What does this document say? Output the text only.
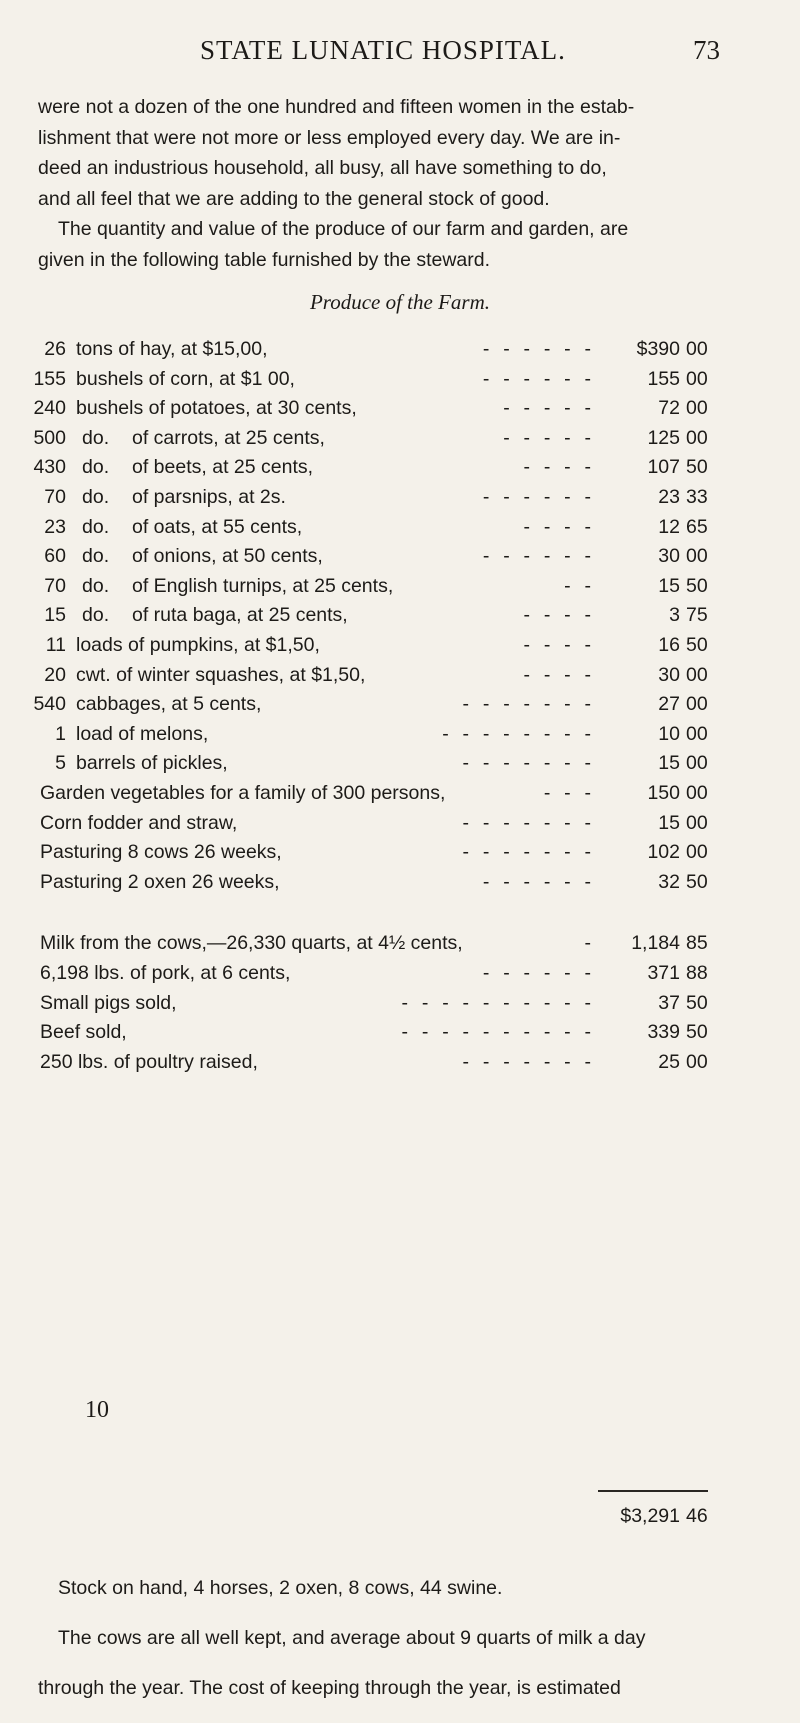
STATE LUNATIC HOSPITAL.	73

were not a dozen of the one hundred and fifteen women in the estab-

lishment that were not more or less employed every day. We are in-

deed an industrious household, all busy, all have something to do,

and all feel that we are adding to the general stock of good.

The quantity and value of the produce of our farm and garden, are

given in the following table furnished by the steward.

Produce of the Farm.
26 tons of hay, at $15,00,	-  -  -  -  -  -	$390 00
155 bushels of corn, at $1 00,	-  -  -  -  -  -	155 00
240 bushels of potatoes, at 30 cents,	-  -  -  -  -	72 00
500 do. of carrots, at 25 cents,	-  -  -  -  -	125 00
430 do. of beets, at 25 cents,	-  -  -  -	107 50
70 do. of parsnips, at 2s.	-  -  -  -  -  -	23 33
23 do. of oats, at 55 cents,	-  -  -  -	12 65
60 do. of onions, at 50 cents,	-  -  -  -  -  -	30 00
70 do. of English turnips, at 25 cents,	-  -	15 50
15 do. of ruta baga, at 25 cents,	-  -  -  -	3 75
11 loads of pumpkins, at $1,50,	-  -  -  -	16 50
20 cwt. of winter squashes, at $1,50,	-  -  -  -	30 00
540 cabbages, at 5 cents,	-  -  -  -  -  -  -	27 00
1 load of melons,	-  -  -  -  -  -  -  -	10 00
5 barrels of pickles,	-  -  -  -  -  -  -	15 00
Garden vegetables for a family of 300 persons,	-  -  -	150 00
Corn fodder and straw,	-  -  -  -  -  -  -	15 00
Pasturing 8 cows 26 weeks,	-  -  -  -  -  -  -	102 00
Pasturing 2 oxen 26 weeks,	-  -  -  -  -  -	32 50
Milk from the cows,—26,330 quarts, at 4½ cents,	-	1,184 85
6,198 lbs. of pork, at 6 cents,	-  -  -  -  -  -	371 88
Small pigs sold,	-  -  -  -  -  -  -  -  -  -	37 50
Beef sold,	-  -  -  -  -  -  -  -  -  -	339 50
250 lbs. of poultry raised,	-  -  -  -  -  -  -	25 00
$3,291 46

Stock on hand, 4 horses, 2 oxen, 8 cows, 44 swine.

The cows are all well kept, and average about 9 quarts of milk a day

through the year. The cost of keeping through the year, is estimated

10
